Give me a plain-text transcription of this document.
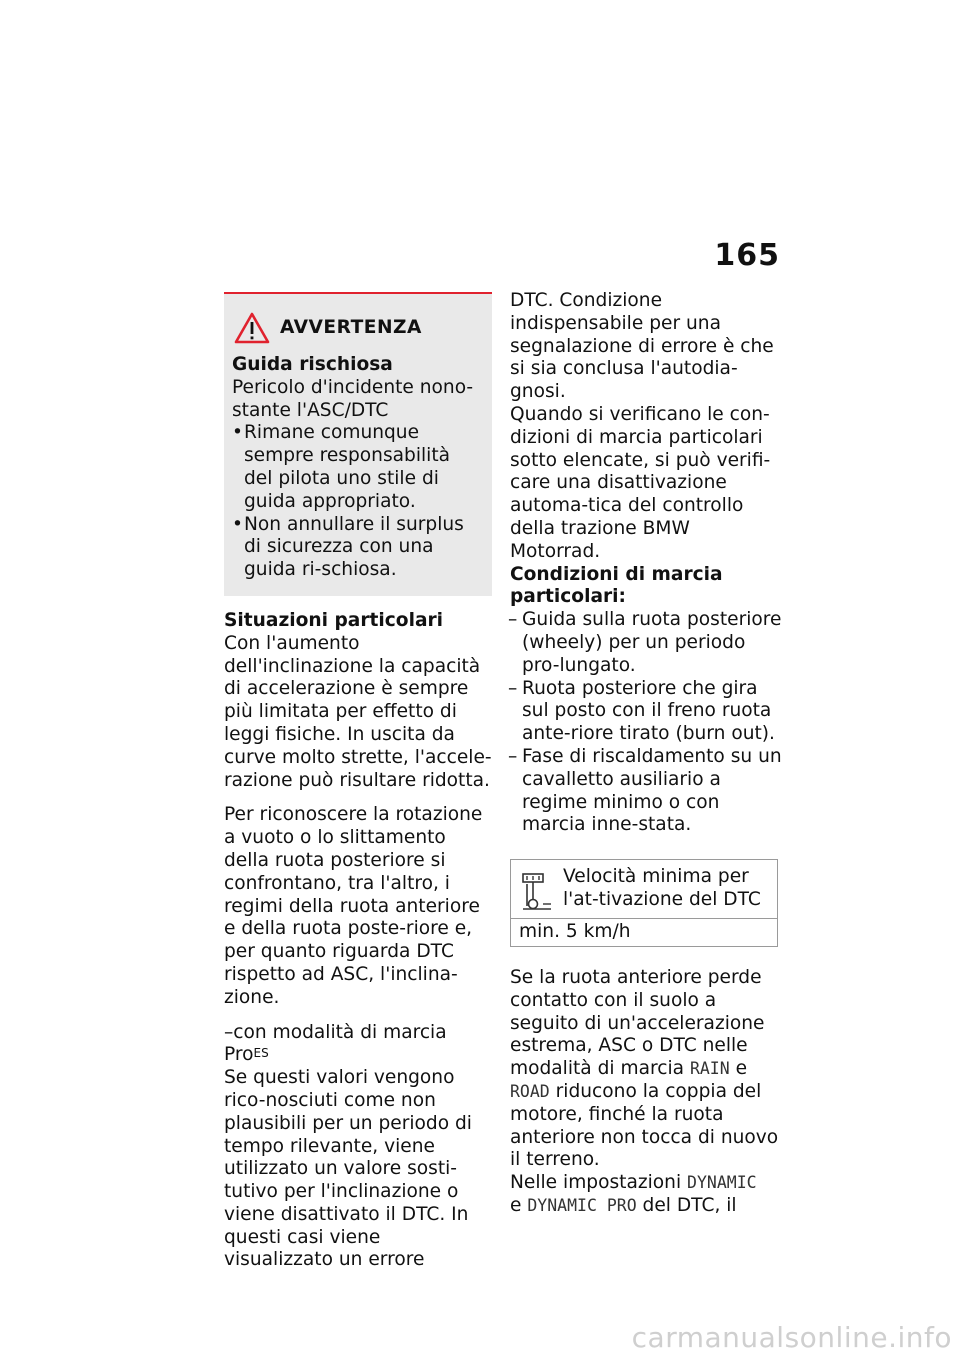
165
AVVERTENZA

Guida rischiosa

Pericolo d'incidente nono-stante l'ASC/DTC

• Rimane comunque sempre responsabilità del pilota uno stile di guida appropriato.
• Non annullare il surplus di sicurezza con una guida ri-schiosa.

Situazioni particolari

Con l'aumento dell'inclinazione la capacità di accelerazione è sempre più limitata per effetto di leggi fisiche. In uscita da curve molto strette, l'accele-razione può risultare ridotta.

Per riconoscere la rotazione a vuoto o lo slittamento della ruota posteriore si confrontano, tra l'altro, i regimi della ruota anteriore e della ruota poste-riore e, per quanto riguarda DTC rispetto ad ASC, l'inclina-zione.

– con modalità di marcia Pro$^{ES}$

Se questi valori vengono rico-nosciuti come non plausibili per un periodo di tempo rilevante, viene utilizzato un valore sosti-tutivo per l'inclinazione o viene disattivato il DTC. In questi casi viene visualizzato un errore

DTC. Condizione indispensabile per una segnalazione di errore è che si sia conclusa l'autodia-gnosi.

Quando si verificano le con-dizioni di marcia particolari sotto elencate, si può verifi-care una disattivazione automa-tica del controllo della trazione BMW Motorrad.

Condizioni di marcia particolari:

– Guida sulla ruota posteriore (wheely) per un periodo pro-lungato.
– Ruota posteriore che gira sul posto con il freno ruota ante-riore tirato (burn out).
– Fase di riscaldamento su un cavalletto ausiliario a regime minimo o con marcia inne-stata.
Velocità minima per l'at-tivazione del DTC
min. 5 km/h

Se la ruota anteriore perde contatto con il suolo a seguito di un'accelerazione estrema, ASC o DTC nelle modalità di marcia RAIN e ROAD riducono la coppia del motore, finché la ruota anteriore non tocca di nuovo il terreno.

Nelle impostazioni DYNAMIC
e DYNAMIC PRO del DTC, il

carmanualsonline.info
